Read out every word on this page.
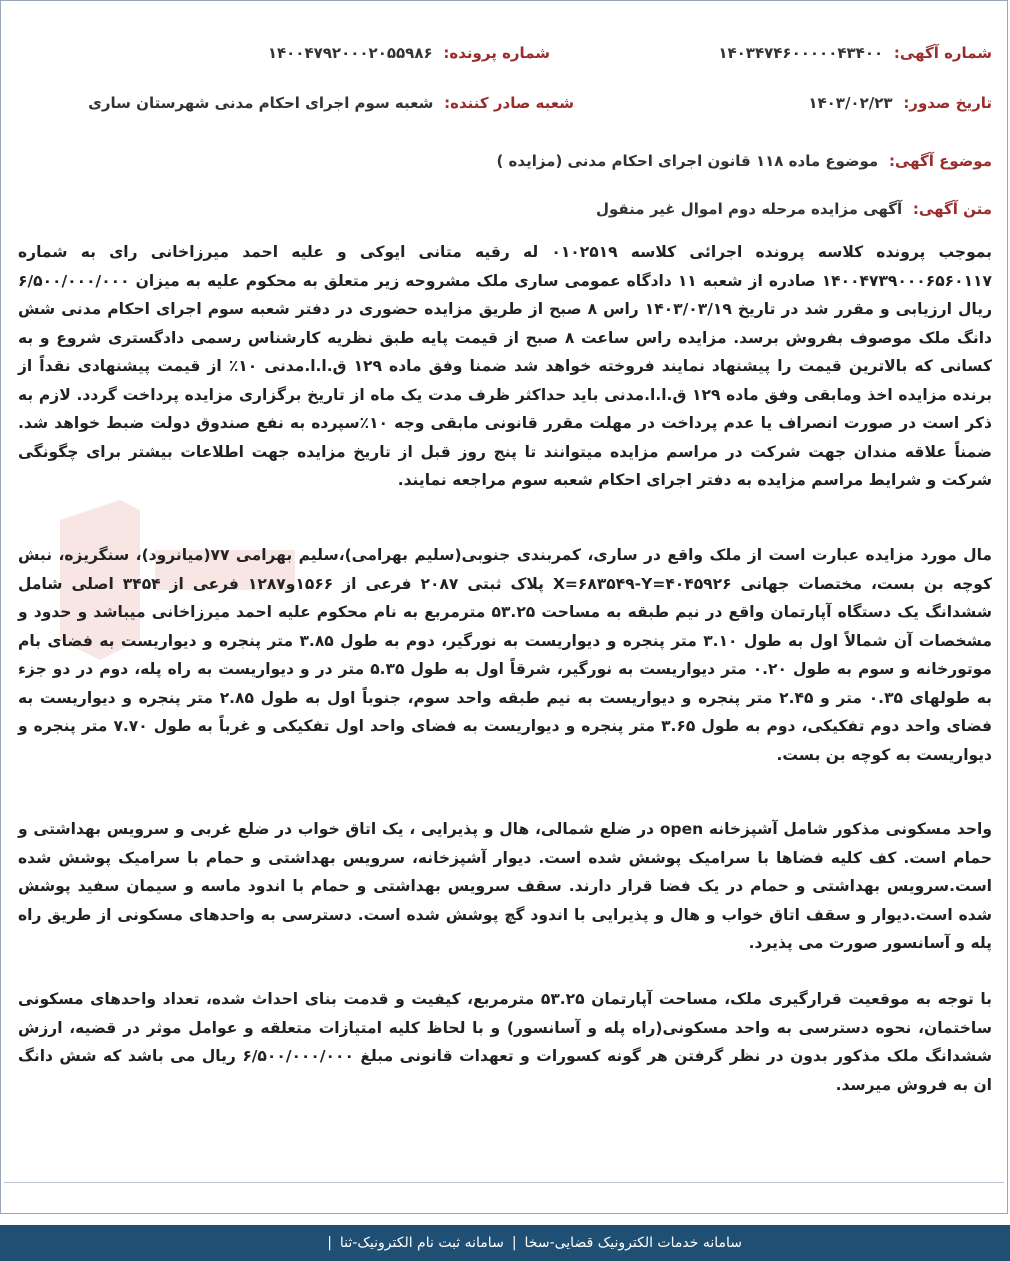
شماره آگهی: ۱۴۰۳۴۷۴۶۰۰۰۰۰۴۳۴۰۰
شماره پرونده: ۱۴۰۰۴۷۹۲۰۰۰۲۰۵۵۹۸۶
تاریخ صدور: ۱۴۰۳/۰۲/۲۳
شعبه صادر کننده: شعبه سوم اجرای احکام مدنی شهرستان ساری
موضوع آگهی: موضوع ماده ۱۱۸ قانون اجرای احکام مدنی (مزایده )
متن آگهی: آگهی مزایده مرحله دوم اموال غیر منقول

بموجب پرونده کلاسه پرونده اجرائی کلاسه ۰۱۰۲۵۱۹ له رقیه متانی ایوکی و علیه احمد میرزاخانی رای به شماره ۱۴۰۰۴۷۳۹۰۰۰۶۵۶۰۱۱۷ صادره از شعبه ۱۱ دادگاه عمومی ساری ملک مشروحه زیر متعلق به محکوم علیه به میزان ۶/۵۰۰/۰۰۰/۰۰۰ ریال ارزیابی و مقرر شد در تاریخ ۱۴۰۳/۰۳/۱۹ راس ۸ صبح از طریق مزایده حضوری در دفتر شعبه سوم اجرای احکام مدنی شش دانگ ملک موصوف بفروش برسد. مزایده راس ساعت ۸ صبح از قیمت پایه طبق نظریه کارشناس رسمی دادگستری شروع و به کسانی که بالاترین قیمت را پیشنهاد نمایند فروخته خواهد شد ضمنا وفق ماده ۱۲۹ ق.ا.ا.مدنی ۱۰٪ از قیمت پیشنهادی نقداً از برنده مزایده اخذ ومابقی وفق ماده ۱۲۹ ق.ا.ا.مدنی باید حداکثر ظرف مدت یک ماه از تاریخ برگزاری مزایده پرداخت گردد. لازم به ذکر است در صورت انصراف یا عدم پرداخت در مهلت مقرر قانونی مابقی وجه ۱۰٪سپرده به نفع صندوق دولت ضبط خواهد شد. ضمناً علاقه مندان جهت شرکت در مراسم مزایده میتوانند تا پنج روز قبل از تاریخ مزایده جهت اطلاعات بیشتر برای چگونگی شرکت و شرایط مراسم مزایده به دفتر اجرای احکام شعبه سوم مراجعه نمایند.

مال مورد مزایده عبارت است از ملک واقع در ساری، کمربندی جنوبی(سلیم بهرامی)،سلیم بهرامی ۷۷(میانرود)، سنگریزه، نبش کوچه بن بست، مختصات جهانی X=۶۸۳۵۴۹-Y=۴۰۴۵۹۲۶ پلاک ثبتی ۲۰۸۷ فرعی از ۱۵۶۶و۱۲۸۷ فرعی از ۳۴۵۴ اصلی شامل ششدانگ یک دستگاه آپارتمان واقع در نیم طبقه به مساحت ۵۳.۲۵ مترمربع به نام محکوم علیه احمد میرزاخانی میباشد و حدود و مشخصات آن شمالاً اول به طول ۳.۱۰ متر پنجره و دیواریست به نورگیر، دوم به طول ۳.۸۵ متر پنجره و دیواریست به فضای بام موتورخانه و سوم به طول ۰.۲۰ متر دیواریست به نورگیر، شرقاً اول به طول ۵.۳۵ متر در و دیواریست به راه پله، دوم در دو جزء به طولهای ۰.۳۵ متر و ۲.۴۵ متر پنجره و دیواریست به نیم طبقه واحد سوم، جنوباً اول به طول ۲.۸۵ متر پنجره و دیواریست به فضای واحد دوم تفکیکی، دوم به طول ۳.۶۵ متر پنجره و دیواریست به فضای واحد اول تفکیکی و غرباً به طول ۷.۷۰ متر پنجره و دیواریست به کوچه بن بست.

واحد مسکونی مذکور شامل آشپزخانه open در ضلع شمالی، هال و پذیرایی ، یک اتاق خواب در ضلع غربی و سرویس بهداشتی و حمام است. کف کلیه فضاها با سرامیک پوشش شده است. دیوار آشپزخانه، سرویس بهداشتی و حمام با سرامیک پوشش شده است.سرویس بهداشتی و حمام در یک فضا قرار دارند. سقف سرویس بهداشتی و حمام با اندود ماسه و سیمان سفید پوشش شده است.دیوار و سقف اتاق خواب و هال و پذیرایی با اندود گچ پوشش شده است. دسترسی به واحدهای مسکونی از طریق راه پله و آسانسور صورت می پذیرد.

با توجه به موقعیت قرارگیری ملک، مساحت آپارتمان ۵۳.۲۵ مترمربع، کیفیت و قدمت بنای احداث شده، تعداد واحدهای مسکونی ساختمان، نحوه دسترسی به واحد مسکونی(راه پله و آسانسور) و با لحاظ کلیه امتیازات متعلقه و عوامل موثر در قضیه، ارزش ششدانگ ملک مذکور بدون در نظر گرفتن هر گونه کسورات و تعهدات قانونی مبلغ ۶/۵۰۰/۰۰۰/۰۰۰ ریال می باشد که شش دانگ ان به فروش میرسد.

سامانه خدمات الکترونیک قضایی-سخا
|
سامانه ثبت نام الکترونیک-ثنا
|
